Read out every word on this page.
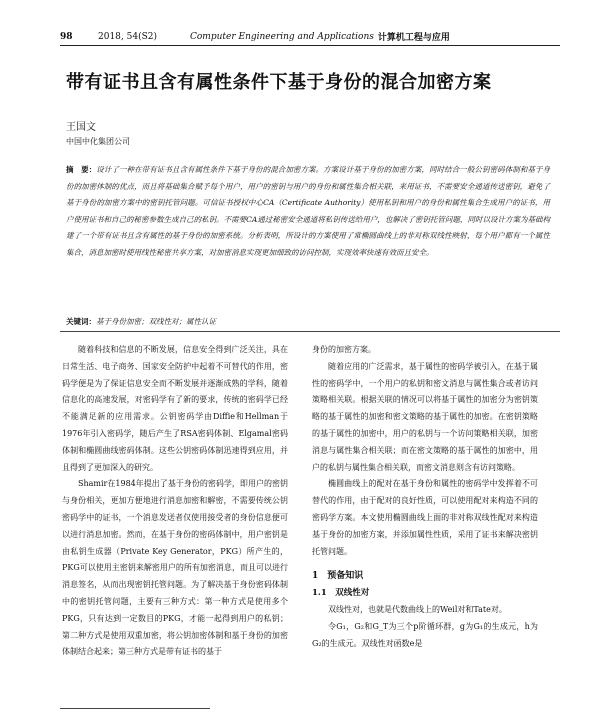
98	2018, 54(S2)	Computer Engineering and Applications 计算机工程与应用
带有证书且含有属性条件下基于身份的混合加密方案
王国文
中国中化集团公司

摘　要：设计了一种在带有证书且含有属性条件下基于身份的混合加密方案。方案设计基于身份的加密方案，同时结合一般公钥密码体制和基于身份的加密体制的优点，而且将基础集合赋予每个用户，用户的密钥与用户的身份和属性集合相关联，来用证书，不需要安全通道传送密钥，避免了基于身份的加密方案中的密钥托管问题。可信证书授权中心CA（Certificate Authority）使用私钥和用户的身份和属性集合生成用户的证书，用户使用证书和自己的秘密参数生成自己的私钥。不需要CA通过秘密安全通道将私钥传送给用户，也解决了密钥托管问题，同时以设计方案为基础构建了一个带有证书且含有属性的基于身份的加密系统。分析表明，所设计的方案使用了常椭圆曲线上的非对称双线性映射，每个用户都有一个属性集合，消息加密时使用线性秘密共享方案，对加密消息实现更加细致的访问控制，实现效率快速有效而且安全。

关键词：基于身份加密；双线性对；属性认证

随着科技和信息的不断发展，信息安全得到广泛关注，具在日常生活、电子商务、国家安全防护中起着不可替代的作用，密码学便是为了保证信息安全而不断发展并逐渐成熟的学科，随着信息化的高速发展，对密码学有了新的要求，传统的密码学已经不能满足新的应用需求。公钥密码学由Diffie和Hellman于1976年引入密码学，随后产生了RSA密码体制、Elgamal密码体制和椭圆曲线密码体制。这些公钥密码体制迅速得到应用，并且得到了更加深入的研究。

Shamir在1984年提出了基于身份的密码学，即用户的密钥与身份相关，更加方便地进行消息加密和解密，不需要传统公钥密码学中的证书，一个消息发送者仅使用接受者的身份信息便可以进行消息加密。然而，在基于身份的密码体制中，用户密钥是由私钥生成器（Private Key Generator，PKG）所产生的，PKG可以使用主密钥来解密用户的所有加密消息，而且可以进行消息签名，从而出现密钥托管问题。为了解决基于身份密码体制中的密钥托管问题，主要有三种方式：第一种方式是使用多个PKG，只有达到一定数目的PKG，才能一起得到用户的私钥；第二种方式是使用双重加密，将公钥加密体制和基于身份的加密体制结合起来；第三种方式是带有证书的基于

身份的加密方案。

随着应用的广泛需求，基于属性的密码学被引入，在基于属性的密码学中，一个用户的私钥和密文消息与属性集合或者访问策略相关联。根据关联的情况可以将基于属性的加密分为密钥策略的基于属性的加密和密文策略的基于属性的加密。在密钥策略的基于属性的加密中，用户的私钥与一个访问策略相关联，加密消息与属性集合相关联；而在密文策略的基于属性的加密中，用户的私钥与属性集合相关联，而密文消息则含有访问策略。

椭圆曲线上的配对在基于身份和属性的密码学中发挥着不可替代的作用，由于配对的良好性质，可以使用配对来构造不同的密码学方案。本文使用椭圆曲线上面的非对称双线性配对来构造基于身份的加密方案，并添加属性性质，采用了证书来解决密钥托管问题。

1　预备知识
1.1　双线性对

双线性对，也就是代数曲线上的Weil对和Tate对。

令G₁，G₂和G_T为三个p阶循环群，g为G₁的生成元，h为G₂的生成元。双线性对函数e是
